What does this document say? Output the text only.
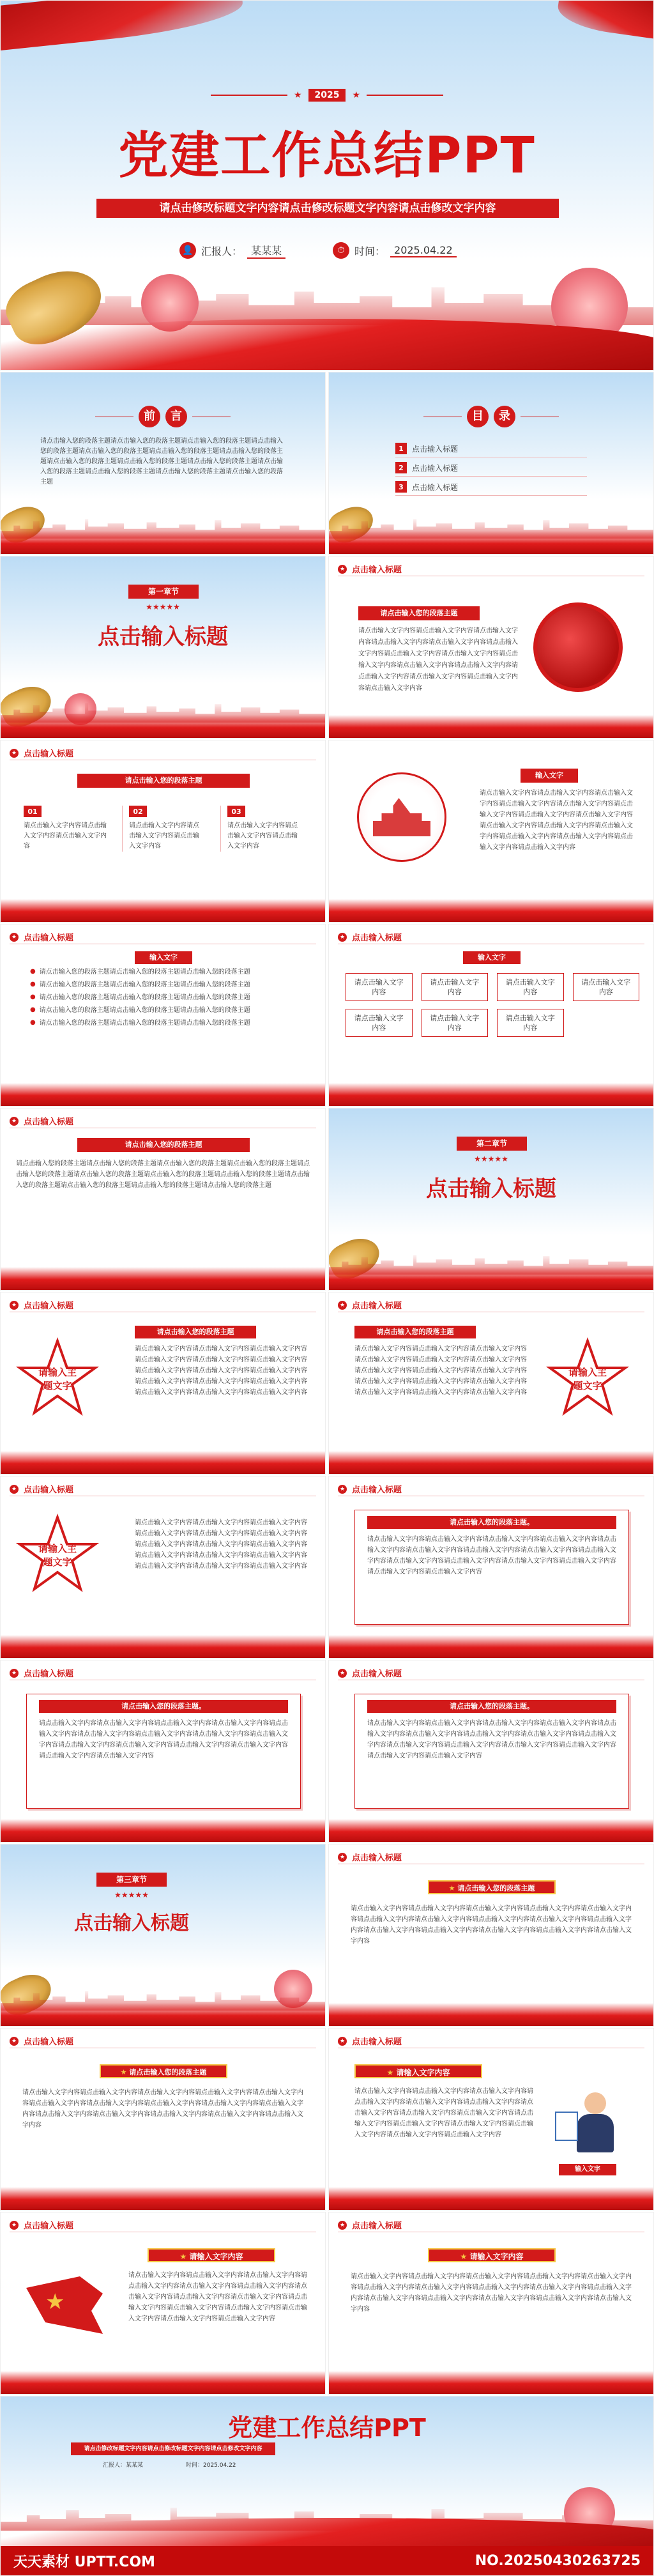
★	2025	★
党建工作总结PPT
请点击修改标题文字内容请点击修改标题文字内容请点击修改文字内容
👤 汇报人： 某某某	⏱ 时间： 2025.04.22
前	言
请点击输入您的段落主题请点击输入您的段落主题请点击输入您的段落主题请点击输入您的段落主题请点击输入您的段落主题请点击输入您的段落主题请点击输入您的段落主题请点击输入您的段落主题请点击输入您的段落主题请点击输入您的段落主题请点击输入您的段落主题请点击输入您的段落主题请点击输入您的段落主题请点击输入您的段落主题
目	录
1	点击输入标题
2	点击输入标题
3	点击输入标题
第一章节
★★★★★
点击输入标题
★ 点击输入标题
请点击输入您的段落主题
请点击输入文字内容请点击输入文字内容请点击输入文字内容请点击输入文字内容请点击输入文字内容请点击输入文字内容请点击输入文字内容请点击输入文字内容请点击输入文字内容请点击输入文字内容请点击输入文字内容请点击输入文字内容请点击输入文字内容请点击输入文字内容请点击输入文字内容
★ 点击输入标题
请点击输入您的段落主题
01
请点击输入文字内容请点击输入文字内容请点击输入文字内容
02
请点击输入文字内容请点击输入文字内容请点击输入文字内容
03
请点击输入文字内容请点击输入文字内容请点击输入文字内容
输入文字
请点击输入文字内容请点击输入文字内容请点击输入文字内容请点击输入文字内容请点击输入文字内容请点击输入文字内容请点击输入文字内容请点击输入文字内容请点击输入文字内容请点击输入文字内容请点击输入文字内容请点击输入文字内容请点击输入文字内容请点击输入文字内容请点击输入文字内容
★ 点击输入标题
输入文字
● 请点击输入您的段落主题请点击输入您的段落主题请点击输入您的段落主题
● 请点击输入您的段落主题请点击输入您的段落主题请点击输入您的段落主题
● 请点击输入您的段落主题请点击输入您的段落主题请点击输入您的段落主题
● 请点击输入您的段落主题请点击输入您的段落主题请点击输入您的段落主题
● 请点击输入您的段落主题请点击输入您的段落主题请点击输入您的段落主题
★ 点击输入标题
输入文字
请点击输入文字内容
请点击输入文字内容
请点击输入文字内容
请点击输入文字内容
请点击输入文字内容
请点击输入文字内容
请点击输入文字内容
★ 点击输入标题
请点击输入您的段落主题
请点击输入您的段落主题请点击输入您的段落主题请点击输入您的段落主题请点击输入您的段落主题请点击输入您的段落主题请点击输入您的段落主题请点击输入您的段落主题请点击输入您的段落主题请点击输入您的段落主题请点击输入您的段落主题请点击输入您的段落主题请点击输入您的段落主题
第二章节
★★★★★
点击输入标题
★ 点击输入标题
请输入主题文字
请点击输入您的段落主题
请点击输入文字内容请点击输入文字内容请点击输入文字内容请点击输入文字内容请点击输入文字内容请点击输入文字内容请点击输入文字内容请点击输入文字内容请点击输入文字内容请点击输入文字内容请点击输入文字内容请点击输入文字内容请点击输入文字内容请点击输入文字内容请点击输入文字内容
★ 点击输入标题
请点击输入您的段落主题
请点击输入文字内容请点击输入文字内容请点击输入文字内容请点击输入文字内容请点击输入文字内容请点击输入文字内容请点击输入文字内容请点击输入文字内容请点击输入文字内容请点击输入文字内容请点击输入文字内容请点击输入文字内容请点击输入文字内容请点击输入文字内容请点击输入文字内容
请输入主题文字
★ 点击输入标题
请输入主题文字
请点击输入文字内容请点击输入文字内容请点击输入文字内容请点击输入文字内容请点击输入文字内容请点击输入文字内容请点击输入文字内容请点击输入文字内容请点击输入文字内容请点击输入文字内容请点击输入文字内容请点击输入文字内容请点击输入文字内容请点击输入文字内容请点击输入文字内容
★ 点击输入标题
请点击输入您的段落主题。
请点击输入文字内容请点击输入文字内容请点击输入文字内容请点击输入文字内容请点击输入文字内容请点击输入文字内容请点击输入文字内容请点击输入文字内容请点击输入文字内容请点击输入文字内容请点击输入文字内容请点击输入文字内容请点击输入文字内容请点击输入文字内容请点击输入文字内容
★ 点击输入标题
请点击输入您的段落主题。
请点击输入文字内容请点击输入文字内容请点击输入文字内容请点击输入文字内容请点击输入文字内容请点击输入文字内容请点击输入文字内容请点击输入文字内容请点击输入文字内容请点击输入文字内容请点击输入文字内容请点击输入文字内容请点击输入文字内容请点击输入文字内容请点击输入文字内容
★ 点击输入标题
请点击输入您的段落主题。
请点击输入文字内容请点击输入文字内容请点击输入文字内容请点击输入文字内容请点击输入文字内容请点击输入文字内容请点击输入文字内容请点击输入文字内容请点击输入文字内容请点击输入文字内容请点击输入文字内容请点击输入文字内容请点击输入文字内容请点击输入文字内容请点击输入文字内容
第三章节
★★★★★
点击输入标题
★ 点击输入标题
★ 请点击输入您的段落主题
请点击输入文字内容请点击输入文字内容请点击输入文字内容请点击输入文字内容请点击输入文字内容请点击输入文字内容请点击输入文字内容请点击输入文字内容请点击输入文字内容请点击输入文字内容请点击输入文字内容请点击输入文字内容请点击输入文字内容请点击输入文字内容请点击输入文字内容
★ 点击输入标题
★ 请点击输入您的段落主题
请点击输入文字内容请点击输入文字内容请点击输入文字内容请点击输入文字内容请点击输入文字内容请点击输入文字内容请点击输入文字内容请点击输入文字内容请点击输入文字内容请点击输入文字内容请点击输入文字内容请点击输入文字内容请点击输入文字内容请点击输入文字内容请点击输入文字内容
★ 点击输入标题
★ 请输入文字内容
请点击输入文字内容请点击输入文字内容请点击输入文字内容请点击输入文字内容请点击输入文字内容请点击输入文字内容请点击输入文字内容请点击输入文字内容请点击输入文字内容请点击输入文字内容请点击输入文字内容请点击输入文字内容请点击输入文字内容请点击输入文字内容请点击输入文字内容
输入文字
★ 点击输入标题
★
★ 请输入文字内容
请点击输入文字内容请点击输入文字内容请点击输入文字内容请点击输入文字内容请点击输入文字内容请点击输入文字内容请点击输入文字内容请点击输入文字内容请点击输入文字内容请点击输入文字内容请点击输入文字内容请点击输入文字内容请点击输入文字内容请点击输入文字内容请点击输入文字内容
★ 点击输入标题
★ 请输入文字内容
请点击输入文字内容请点击输入文字内容请点击输入文字内容请点击输入文字内容请点击输入文字内容请点击输入文字内容请点击输入文字内容请点击输入文字内容请点击输入文字内容请点击输入文字内容请点击输入文字内容请点击输入文字内容请点击输入文字内容请点击输入文字内容请点击输入文字内容
党建工作总结PPT
请点击修改标题文字内容请点击修改标题文字内容请点击修改文字内容
汇报人：某某某	时间：2025.04.22
天天素材 UPTT.COM	NO.20250430263725
